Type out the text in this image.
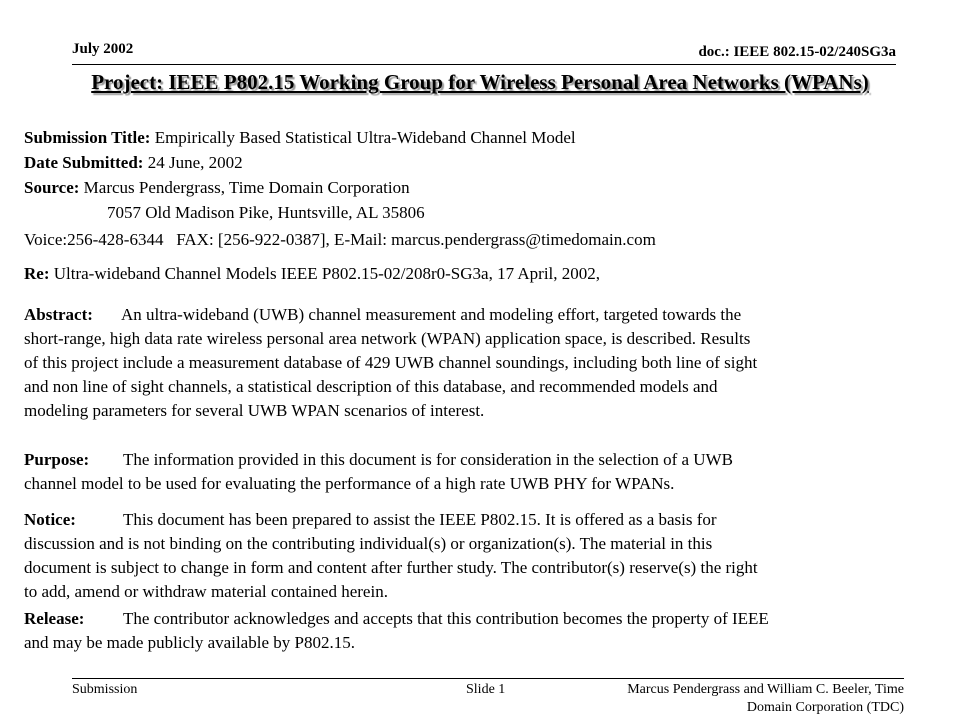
July 2002	doc.: IEEE 802.15-02/240SG3a
Project: IEEE P802.15 Working Group for Wireless Personal Area Networks (WPANs)
Submission Title: Empirically Based Statistical Ultra-Wideband Channel Model
Date Submitted: 24 June, 2002
Source: Marcus Pendergrass, Time Domain Corporation
7057 Old Madison Pike, Huntsville, AL 35806
Voice:256-428-6344   FAX: [256-922-0387], E-Mail: marcus.pendergrass@timedomain.com
Re: Ultra-wideband Channel Models IEEE P802.15-02/208r0-SG3a, 17 April, 2002,
Abstract: An ultra-wideband (UWB) channel measurement and modeling effort, targeted towards the
short-range, high data rate wireless personal area network (WPAN) application space, is described. Results
of this project include a measurement database of 429 UWB channel soundings, including both line of sight
and non line of sight channels, a statistical description of this database, and recommended models and
modeling parameters for several UWB WPAN scenarios of interest.
Purpose: The information provided in this document is for consideration in the selection of a UWB
channel model to be used for evaluating the performance of a high rate UWB PHY for WPANs.
Notice:	This document has been prepared to assist the IEEE P802.15. It is offered as a basis for
discussion and is not binding on the contributing individual(s) or organization(s). The material in this
document is subject to change in form and content after further study. The contributor(s) reserve(s) the right
to add, amend or withdraw material contained herein.
Release: The contributor acknowledges and accepts that this contribution becomes the property of IEEE
and may be made publicly available by P802.15.
Submission	Slide 1	Marcus Pendergrass and William C. Beeler, Time
Domain Corporation (TDC)
